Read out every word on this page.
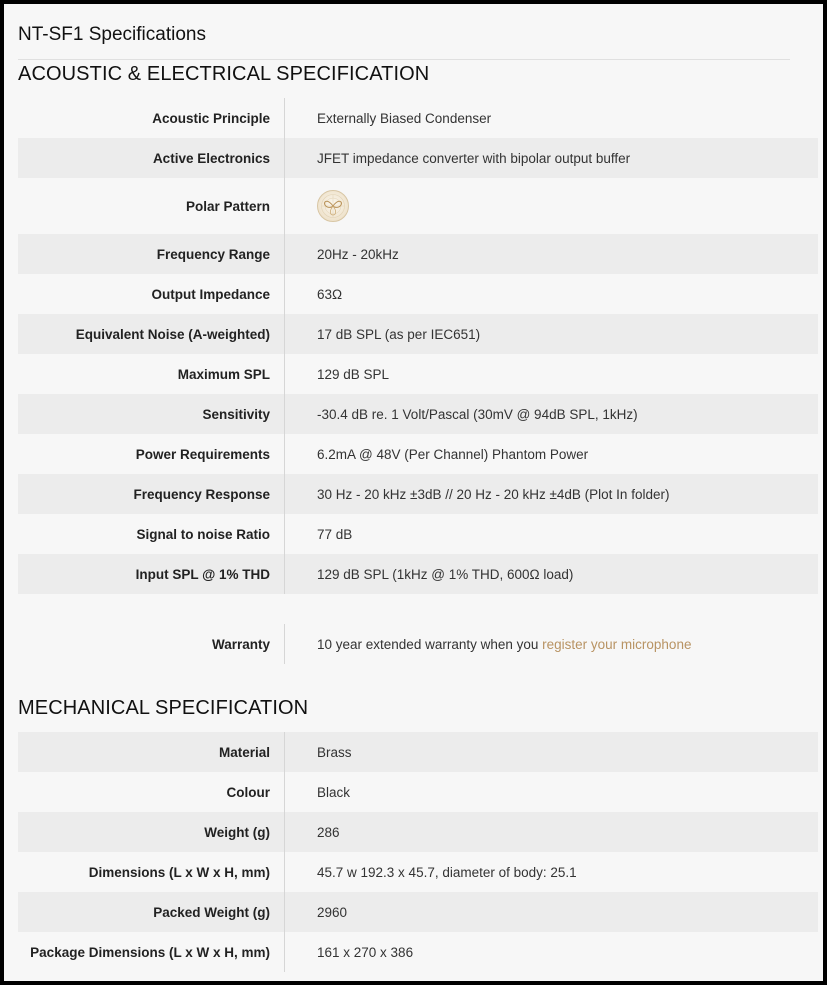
NT-SF1 Specifications
ACOUSTIC & ELECTRICAL SPECIFICATION
Acoustic Principle	Externally Biased Condenser
Active Electronics	JFET impedance converter with bipolar output buffer
Polar Pattern
Frequency Range	20Hz - 20kHz
Output Impedance	63Ω
Equivalent Noise (A-weighted)	17 dB SPL (as per IEC651)
Maximum SPL	129 dB SPL
Sensitivity	-30.4 dB re. 1 Volt/Pascal (30mV @ 94dB SPL, 1kHz)
Power Requirements	6.2mA @ 48V (Per Channel) Phantom Power
Frequency Response	30 Hz - 20 kHz ±3dB // 20 Hz - 20 kHz ±4dB (Plot In folder)
Signal to noise Ratio	77 dB
Input SPL @ 1% THD	129 dB SPL (1kHz @ 1% THD, 600Ω load)
Warranty	10 year extended warranty when you register your microphone
MECHANICAL SPECIFICATION
Material	Brass
Colour	Black
Weight (g)	286
Dimensions (L x W x H, mm)	45.7 w 192.3 x 45.7, diameter of body: 25.1
Packed Weight (g)	2960
Package Dimensions (L x W x H, mm)	161 x 270 x 386
